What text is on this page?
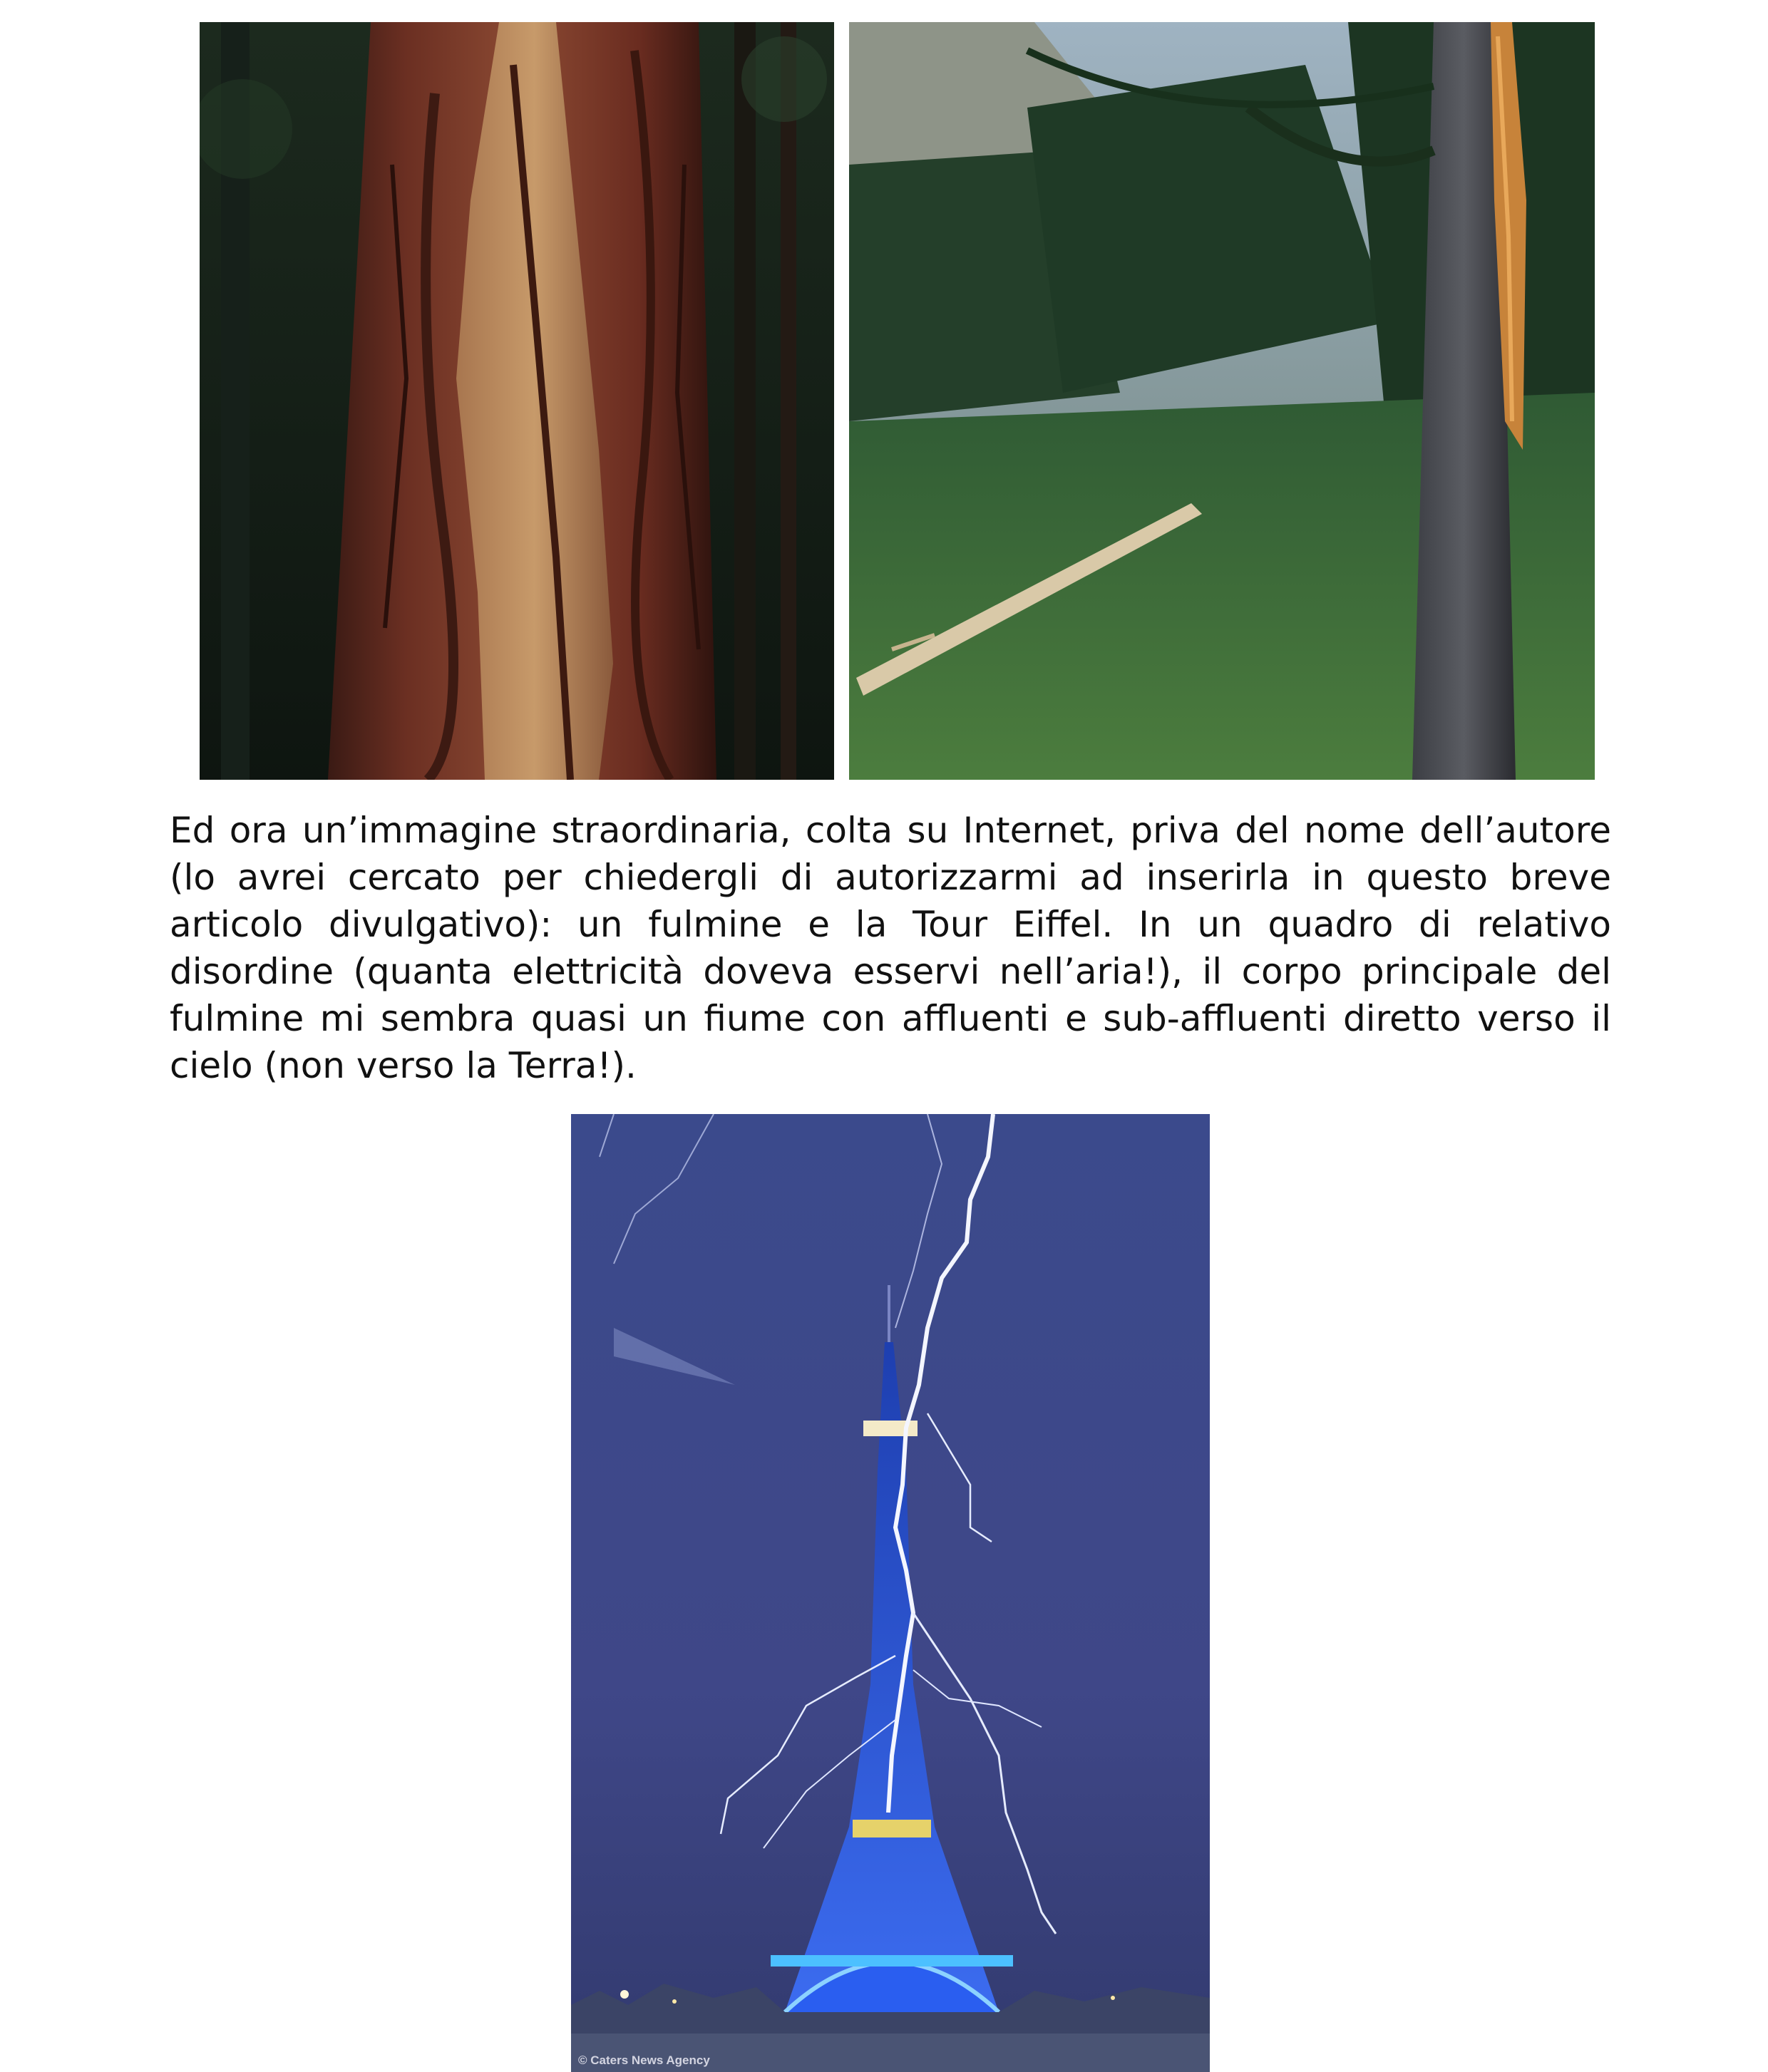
Ed ora un’immagine straordinaria, colta su Internet, priva del nome dell’autore (lo avrei cercato per chiedergli di autorizzarmi ad inserirla in questo breve articolo divulgativo): un fulmine e la Tour Eiffel. In un quadro di relativo disordine (quanta elettricità doveva esservi nell’aria!), il corpo principale del fulmine mi sembra quasi un fiume con affluenti e sub-affluenti diretto verso il cielo (non verso la Terra!).

© Caters News Agency
